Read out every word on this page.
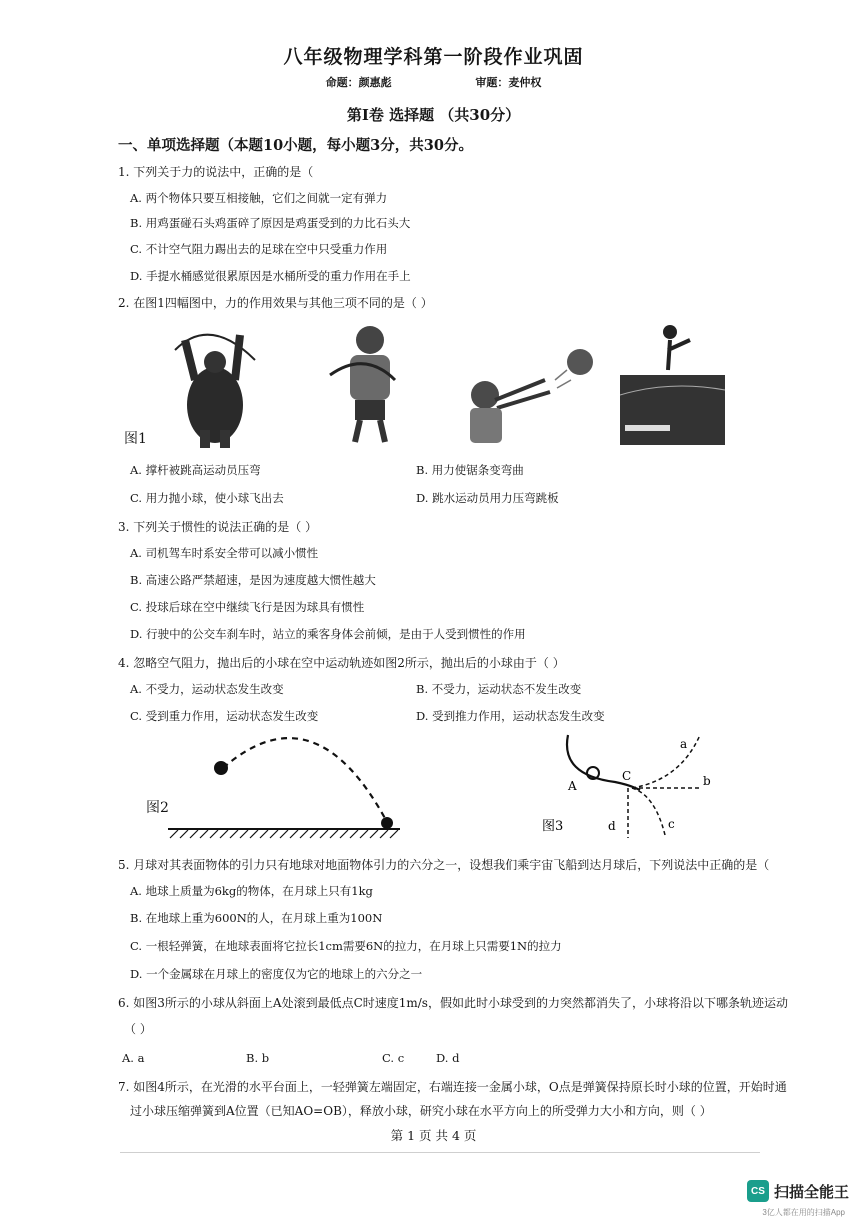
八年级物理学科第一阶段作业巩固
命题：颜惠彪	审题：麦仲权
第Ⅰ卷 选择题 （共30分）
一、单项选择题（本题10小题，每小题3分，共30分。
1. 下列关于力的说法中，正确的是（
A. 两个物体只要互相接触，它们之间就一定有弹力
B. 用鸡蛋碰石头鸡蛋碎了原因是鸡蛋受到的力比石头大
C. 不计空气阻力踢出去的足球在空中只受重力作用
D. 手提水桶感觉很累原因是水桶所受的重力作用在手上
2. 在图1四幅图中，力的作用效果与其他三项不同的是（ ）
图1
A. 撑杆被跳高运动员压弯	B. 用力使锯条变弯曲
C. 用力抛小球，使小球飞出去	D. 跳水运动员用力压弯跳板
3. 下列关于惯性的说法正确的是（ ）
A. 司机驾车时系安全带可以减小惯性
B. 高速公路严禁超速，是因为速度越大惯性越大
C. 投球后球在空中继续飞行是因为球具有惯性
D. 行驶中的公交车刹车时，站立的乘客身体会前倾，是由于人受到惯性的作用
4. 忽略空气阻力，抛出后的小球在空中运动轨迹如图2所示，抛出后的小球由于（ ）
A. 不受力，运动状态发生改变	B. 不受力，运动状态不发生改变
C. 受到重力作用，运动状态发生改变	D. 受到推力作用，运动状态发生改变
图2
A
C
a
b
c
d
图3
5. 月球对其表面物体的引力只有地球对地面物体引力的六分之一，设想我们乘宇宙飞船到达月球后，下列说法中正确的是（
A. 地球上质量为6kg的物体，在月球上只有1kg
B. 在地球上重为600N的人，在月球上重为100N
C. 一根轻弹簧，在地球表面将它拉长1cm需要6N的拉力，在月球上只需要1N的拉力
D. 一个金属球在月球上的密度仅为它的地球上的六分之一
6. 如图3所示的小球从斜面上A处滚到最低点C时速度1m/s，假如此时小球受到的力突然都消失了，小球将沿以下哪条轨迹运动
（ ）
A. a	B. b	C. c	D. d
7. 如图4所示，在光滑的水平台面上，一轻弹簧左端固定，右端连接一金属小球，O点是弹簧保持原长时小球的位置，开始时通
过小球压缩弹簧到A位置（已知AO=OB），释放小球，研究小球在水平方向上的所受弹力大小和方向，则（ ）
第 1 页 共 4 页
CS 扫描全能王
3亿人都在用的扫描App
